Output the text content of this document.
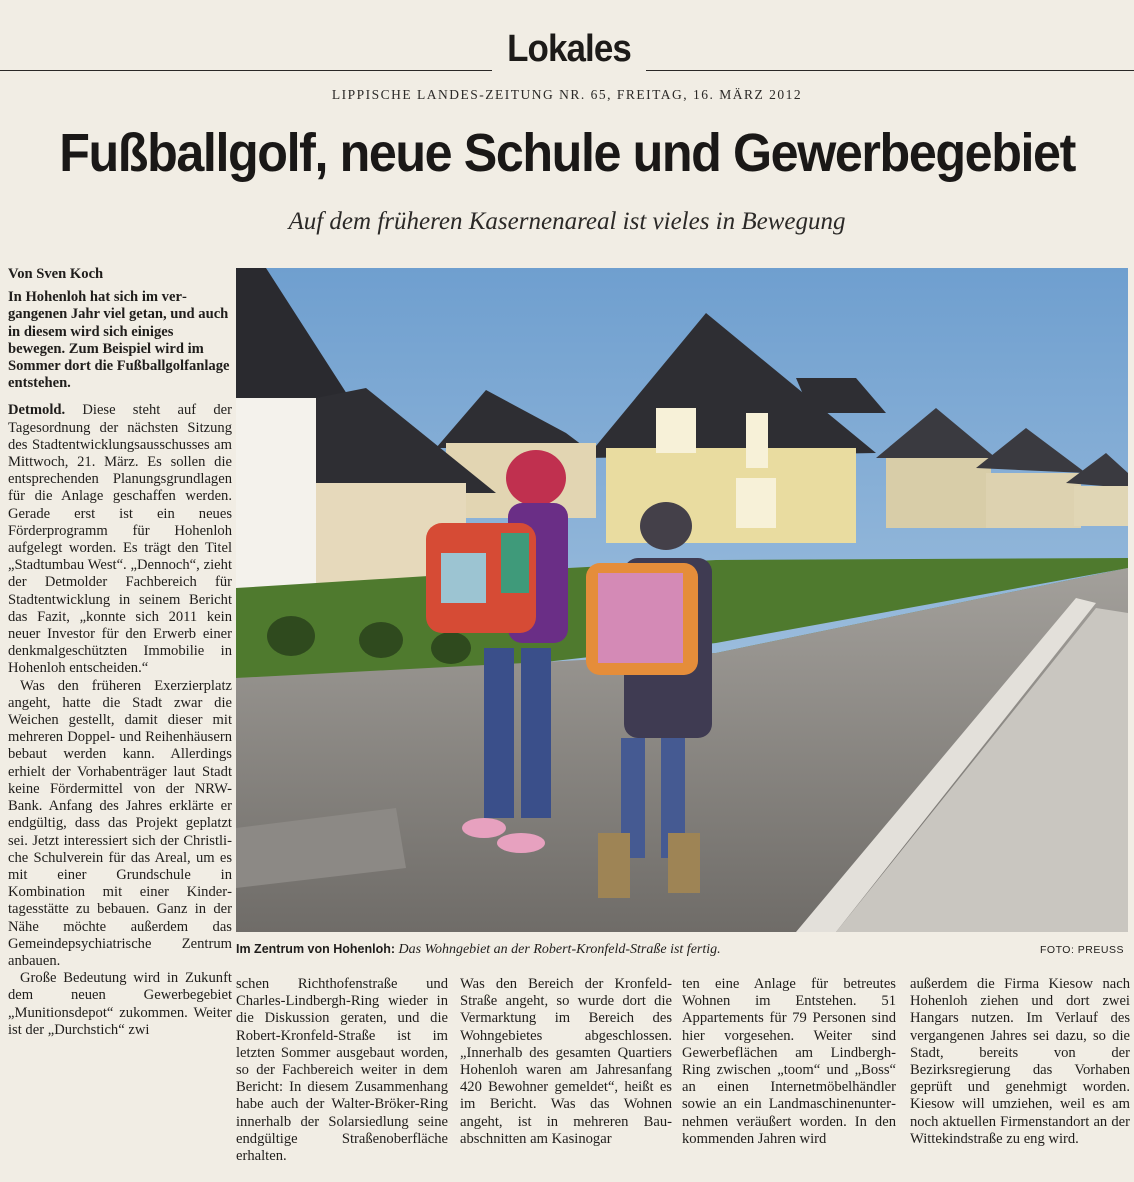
Lokales
LIPPISCHE LANDES-ZEITUNG NR. 65, FREITAG, 16. MÄRZ 2012
Fußballgolf, neue Schule und Gewerbegebiet
Auf dem früheren Kasernenareal ist vieles in Bewegung
Von Sven Koch

In Hohenloh hat sich im vergangenen Jahr viel getan, und auch in diesem wird sich einiges bewegen. Zum Beispiel wird im Sommer dort die Fußballgolfanlage entstehen.

Detmold. Diese steht auf der Tagesordnung der nächsten Sitzung des Stadtentwicklungsausschusses am Mittwoch, 21. März. Es sollen die entsprechenden Planungsgrundlagen für die Anlage geschaffen werden. Gerade erst ist ein neues Förderprogramm für Hohenloh aufgelegt worden. Es trägt den Titel „Stadtumbau West“. „Dennoch“, zieht der Detmolder Fachbereich für Stadtentwicklung in seinem Bericht das Fazit, „konnte sich 2011 kein neuer Investor für den Erwerb einer denkmalgeschützten Immobilie in Hohenloh entscheiden.“

Was den früheren Exerzierplatz angeht, hatte die Stadt zwar die Weichen gestellt, damit dieser mit mehreren Doppel- und Reihenhäusern bebaut werden kann. Allerdings erhielt der Vorhabenträger laut Stadt keine Fördermittel von der NRW-Bank. Anfang des Jahres erklärte er endgültig, dass das Projekt geplatzt sei. Jetzt interessiert sich der Christliche Schulverein für das Areal, um es mit einer Grundschule in Kombination mit einer Kindertagesstätte zu bebauen. Ganz in der Nähe möchte außerdem das Gemeindepsychiatrische Zentrum anbauen.

Große Bedeutung wird in Zukunft dem neuen Gewerbegebiet „Munitionsdepot“ zukommen. Weiter ist der „Durchstich“ zwi

Im Zentrum von Hohenloh: Das Wohngebiet an der Robert-Kronfeld-Straße ist fertig.	FOTO: PREUSS

schen Richthofenstraße und Charles-Lindbergh-Ring wieder in die Diskussion geraten, und die Robert-Kronfeld-Straße ist im letzten Sommer ausgebaut worden, so der Fachbereich weiter in dem Bericht: In diesem Zusammenhang habe auch der Walter-Bröker-Ring innerhalb der Solarsiedlung seine endgültige Straßenoberfläche erhalten.

Was den Bereich der Kronfeld-Straße angeht, so wurde dort die Vermarktung im Bereich des Wohngebietes abgeschlossen. „Innerhalb des gesamten Quartiers Hohenloh waren am Jahresanfang 420 Bewohner gemeldet“, heißt es im Bericht. Was das Wohnen angeht, ist in mehreren Bauabschnitten am Kasinogar

ten eine Anlage für betreutes Wohnen im Entstehen. 51 Appartements für 79 Personen sind hier vorgesehen. Weiter sind Gewerbeflächen am Lindbergh-Ring zwischen „toom“ und „Boss“ an einen Internetmöbelhändler sowie an ein Landmaschinenunternehmen veräußert worden. In den kommenden Jahren wird

außerdem die Firma Kiesow nach Hohenloh ziehen und dort zwei Hangars nutzen. Im Verlauf des vergangenen Jahres sei dazu, so die Stadt, bereits von der Bezirksregierung das Vorhaben geprüft und genehmigt worden. Kiesow will umziehen, weil es am noch aktuellen Firmenstandort an der Wittekindstraße zu eng wird.
